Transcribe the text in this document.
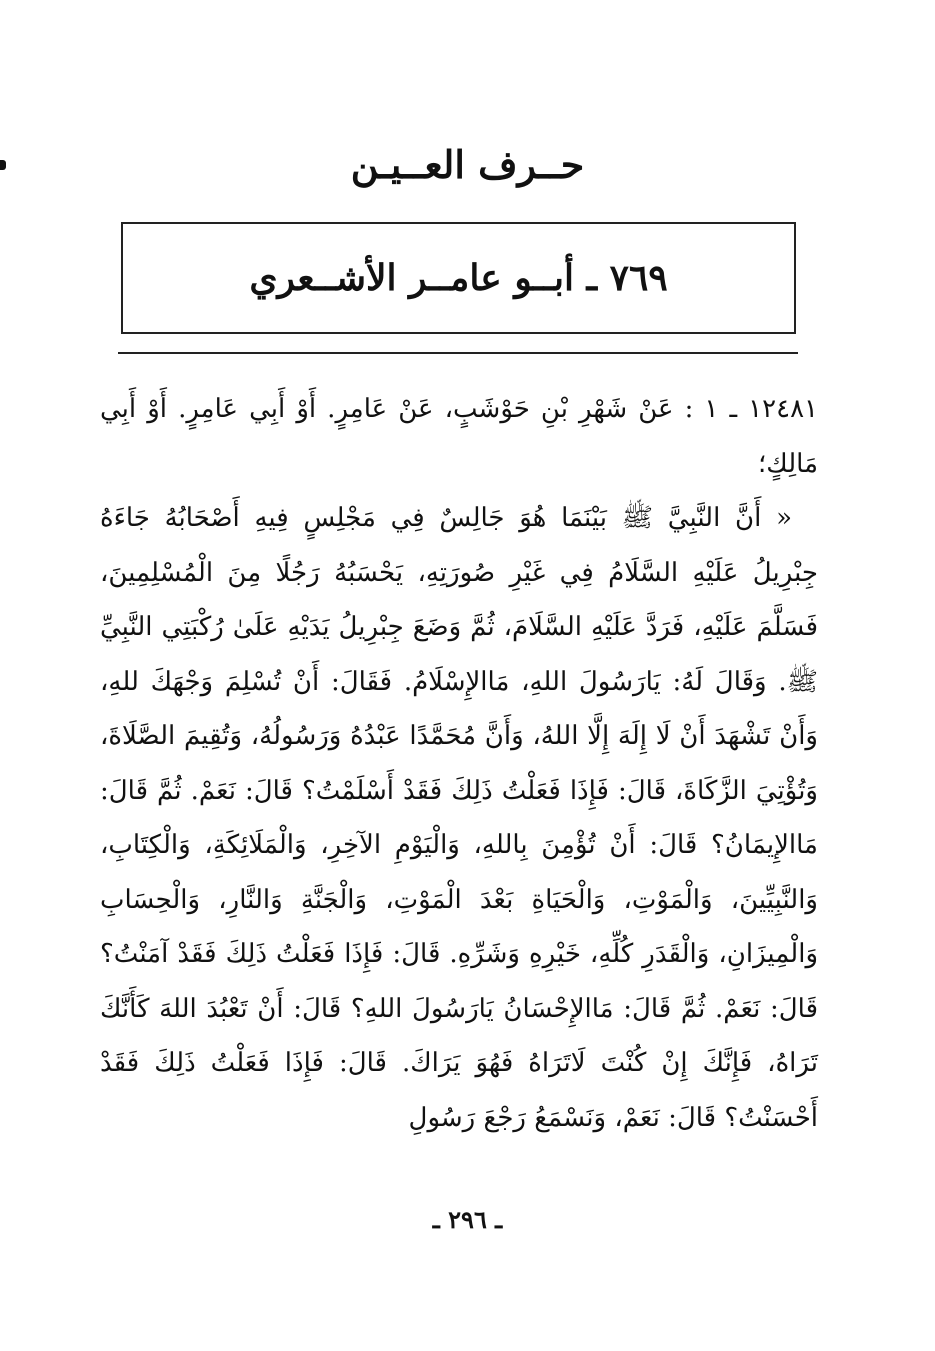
حــرف العــيـن
٧٦٩ ـ أبــو عامــر الأشــعري

١٢٤٨١ ـ ١ : عَنْ شَهْرِ بْنِ حَوْشَبٍ، عَنْ عَامِرٍ. أَوْ أَبِي عَامِرٍ. أَوْ أَبِي مَالِكٍ؛

« أَنَّ النَّبِيَّ ﷺ بَيْنَمَا هُوَ جَالِسٌ فِي مَجْلِسٍ فِيهِ أَصْحَابُهُ جَاءَهُ جِبْرِيلُ عَلَيْهِ السَّلَامُ فِي غَيْرِ صُورَتِهِ، يَحْسَبُهُ رَجُلًا مِنَ الْمُسْلِمِينَ، فَسَلَّمَ عَلَيْهِ، فَرَدَّ عَلَيْهِ السَّلَامَ، ثُمَّ وَضَعَ جِبْرِيلُ يَدَيْهِ عَلَىٰ رُكْبَتِي النَّبِيِّ ﷺ. وَقَالَ لَهُ: يَارَسُولَ اللهِ، مَاالإِسْلَامُ. فَقَالَ: أَنْ تُسْلِمَ وَجْهَكَ للهِ، وَأَنْ تَشْهَدَ أَنْ لَا إِلَهَ إِلَّا اللهُ، وَأَنَّ مُحَمَّدًا عَبْدُهُ وَرَسُولُهُ، وَتُقِيمَ الصَّلَاةَ، وَتُؤْتِيَ الزَّكَاةَ، قَالَ: فَإِذَا فَعَلْتُ ذَلِكَ فَقَدْ أَسْلَمْتُ؟ قَالَ: نَعَمْ. ثُمَّ قَالَ: مَاالإِيمَانُ؟ قَالَ: أَنْ تُؤْمِنَ بِاللهِ، وَالْيَوْمِ الآخِرِ، وَالْمَلَائِكَةِ، وَالْكِتَابِ، وَالنَّبِيِّينَ، وَالْمَوْتِ، وَالْحَيَاةِ بَعْدَ الْمَوْتِ، وَالْجَنَّةِ وَالنَّارِ، وَالْحِسَابِ وَالْمِيزَانِ، وَالْقَدَرِ كُلِّهِ، خَيْرِهِ وَشَرِّهِ. قَالَ: فَإِذَا فَعَلْتُ ذَلِكَ فَقَدْ آمَنْتُ؟ قَالَ: نَعَمْ. ثُمَّ قَالَ: مَاالإِحْسَانُ يَارَسُولَ اللهِ؟ قَالَ: أَنْ تَعْبُدَ اللهَ كَأَنَّكَ تَرَاهُ، فَإِنَّكَ إِنْ كُنْتَ لَاتَرَاهُ فَهُوَ يَرَاكَ. قَالَ: فَإِذَا فَعَلْتُ ذَلِكَ فَقَدْ أَحْسَنْتُ؟ قَالَ: نَعَمْ، وَنَسْمَعُ رَجْعَ رَسُولِ

ـ ٢٩٦ ـ
